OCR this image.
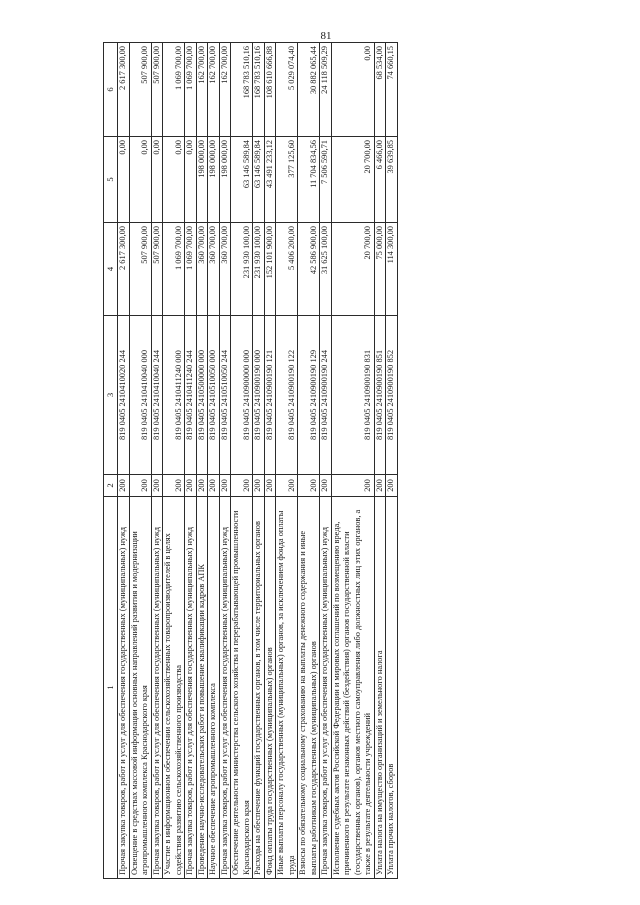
81
1	2	3	4	5	6
Прочая закупка товаров, работ и услуг для обеспечения государственных (муниципальных) нужд	200	819 0405 2410410020 244	2 617 300,00	0,00	2 617 300,00
Освещение в средствах массовой информации основных направлений развития и модернизации агропромышленного комплекса Краснодарского края	200	819 0405 2410410040 000	507 900,00	0,00	507 900,00
Прочая закупка товаров, работ и услуг для обеспечения государственных (муниципальных) нужд	200	819 0405 2410410040 244	507 900,00	0,00	507 900,00
Участие в информационном обеспечении сельскохозяйственных товаропроизводителей в целях содействия развитию сельскохозяйственного производства	200	819 0405 2410411240 000	1 069 700,00	0,00	1 069 700,00
Прочая закупка товаров, работ и услуг для обеспечения государственных (муниципальных) нужд	200	819 0405 2410411240 244	1 069 700,00	0,00	1 069 700,00
Проведение научно-исследовательских работ и повышение квалификации кадров АПК	200	819 0405 2410500000 000	360 700,00	198 000,00	162 700,00
Научное обеспечение агропромышленного комплекса	200	819 0405 2410510050 000	360 700,00	198 000,00	162 700,00
Прочая закупка товаров, работ и услуг для обеспечения государственных (муниципальных) нужд	200	819 0405 2410510050 244	360 700,00	198 000,00	162 700,00
Обеспечение деятельности министерства сельского хозяйства и перерабатывающей промышленности Краснодарского края	200	819 0405 2410900000 000	231 930 100,00	63 146 589,84	168 783 510,16
Расходы на обеспечение функций государственных органов, в том числе территориальных органов	200	819 0405 2410900190 000	231 930 100,00	63 146 589,84	168 783 510,16
Фонд оплаты труда государственных (муниципальных) органов	200	819 0405 2410900190 121	152 101 900,00	43 491 233,12	108 610 666,88
Иные выплаты персоналу государственных (муниципальных) органов, за исключением фонда оплаты труда	200	819 0405 2410900190 122	5 406 200,00	377 125,60	5 029 074,40
Взносы по обязательному социальному страхованию на выплаты денежного содержания и иные выплаты работникам государственных (муниципальных) органов	200	819 0405 2410900190 129	42 586 900,00	11 704 834,56	30 882 065,44
Прочая закупка товаров, работ и услуг для обеспечения государственных (муниципальных) нужд	200	819 0405 2410900190 244	31 625 100,00	7 506 590,71	24 118 509,29
Исполнение судебных актов Российской Федерации и мировых соглашений по возмещению вреда, причиненного в результате незаконных действий (бездействия) органов государственной власти (государственных органов), органов местного самоуправления либо должностных лиц этих органов, а также в результате деятельности учреждений	200	819 0405 2410900190 831	20 700,00	20 700,00	0,00
Уплата налога на имущество организаций и земельного налога	200	819 0405 2410900190 851	75 000,00	6 466,00	68 534,00
Уплата прочих налогов, сборов	200	819 0405 2410900190 852	114 300,00	39 639,85	74 660,15
